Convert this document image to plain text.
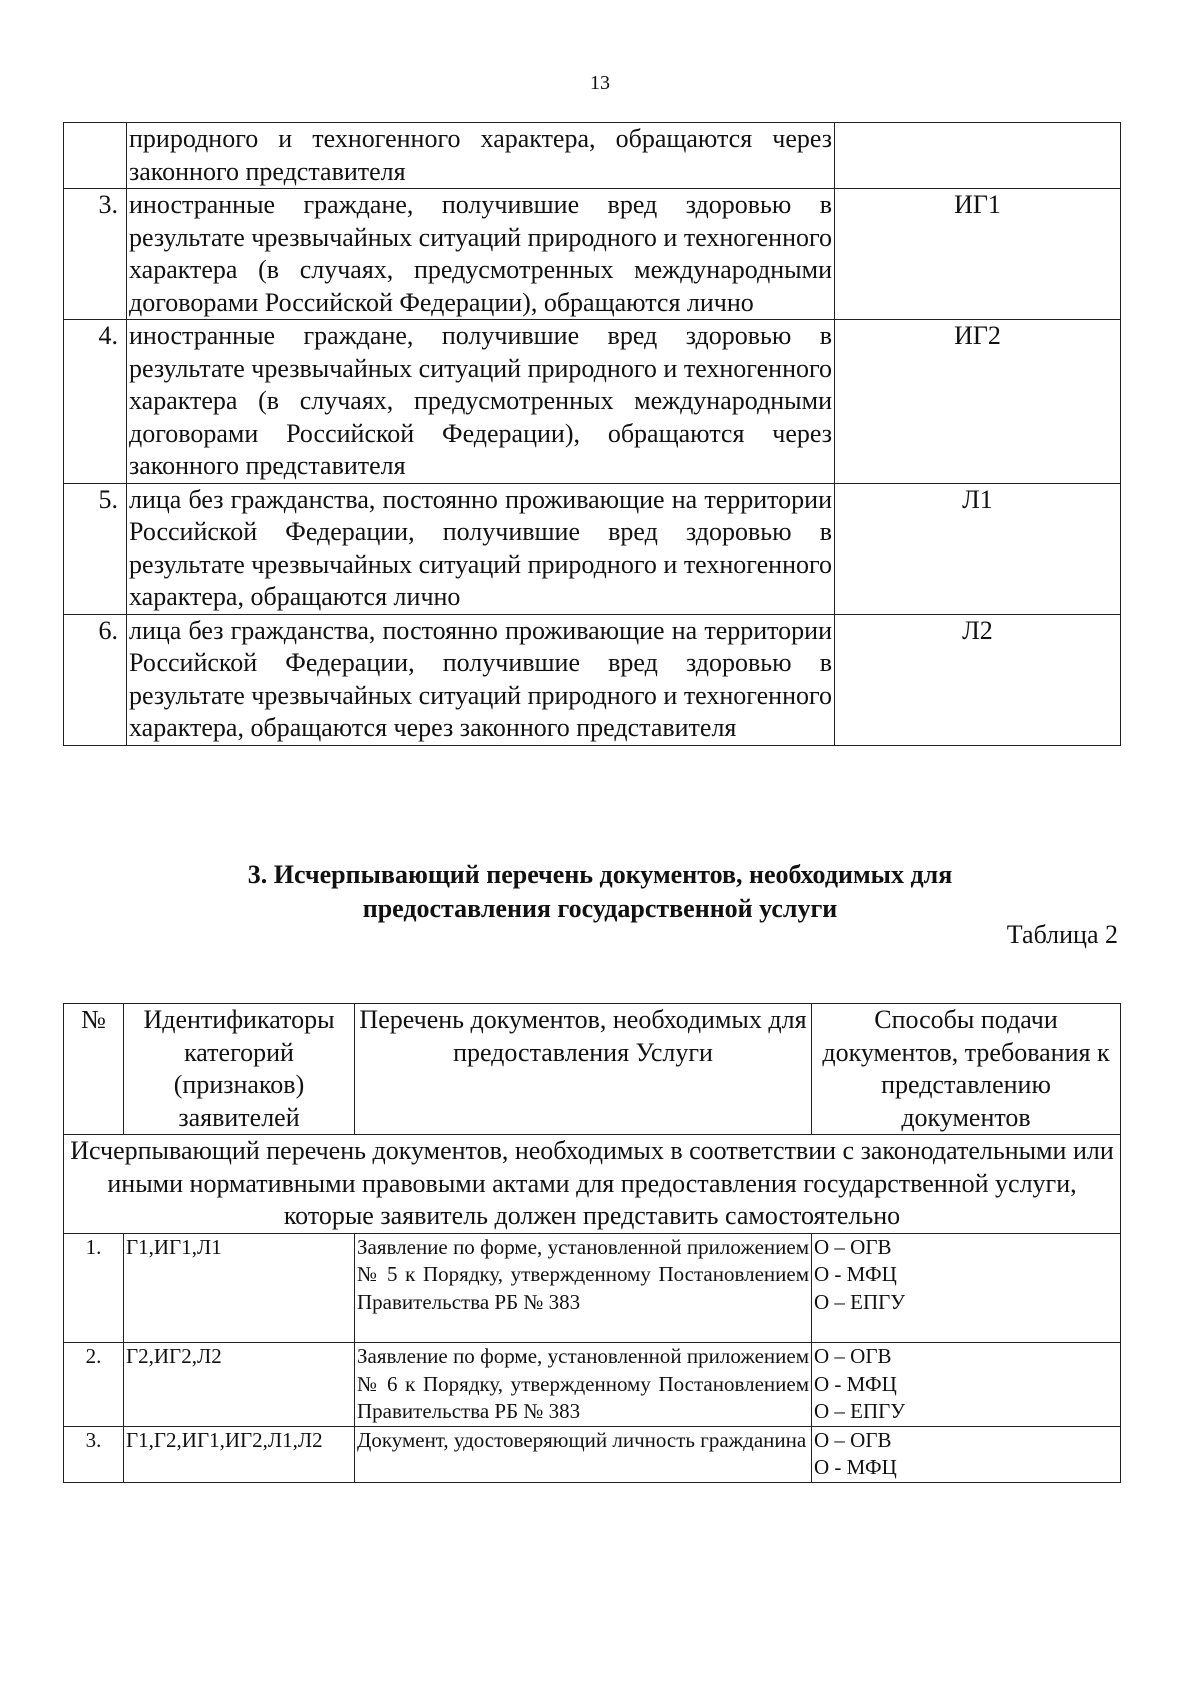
13
	природного и техногенного характера, обращаются через законного представителя	
3.	иностранные граждане, получившие вред здоровью в результате чрезвычайных ситуаций природного и техногенного характера (в случаях, предусмотренных международными договорами Российской Федерации), обращаются лично	ИГ1
4.	иностранные граждане, получившие вред здоровью в результате чрезвычайных ситуаций природного и техногенного характера (в случаях, предусмотренных международными договорами Российской Федерации), обращаются через законного представителя	ИГ2
5.	лица без гражданства, постоянно проживающие на территории Российской Федерации, получившие вред здоровью в результате чрезвычайных ситуаций природного и техногенного характера, обращаются лично	Л1
6.	лица без гражданства, постоянно проживающие на территории Российской Федерации, получившие вред здоровью в результате чрезвычайных ситуаций природного и техногенного характера, обращаются через законного представителя	Л2
3. Исчерпывающий перечень документов, необходимых для
предоставления государственной услуги
Таблица 2
№	Идентификаторы категорий (признаков) заявителей	Перечень документов, необходимых для предоставления Услуги	Способы подачи документов, требования к представлению документов
Исчерпывающий перечень документов, необходимых в соответствии с законодательными или иными нормативными правовыми актами для предоставления государственной услуги, которые заявитель должен представить самостоятельно			
1.	Г1,ИГ1,Л1	Заявление по форме, установленной приложением № 5 к Порядку, утвержденному Постановлением Правительства РБ № 383	О – ОГВ
О - МФЦ
О – ЕПГУ

2.	Г2,ИГ2,Л2	Заявление по форме, установленной приложением № 6 к Порядку, утвержденному Постановлением Правительства РБ № 383	О – ОГВ
О - МФЦ
О – ЕПГУ

3.	Г1,Г2,ИГ1,ИГ2,Л1,Л2	Документ, удостоверяющий личность гражданина	О – ОГВ
О - МФЦ
